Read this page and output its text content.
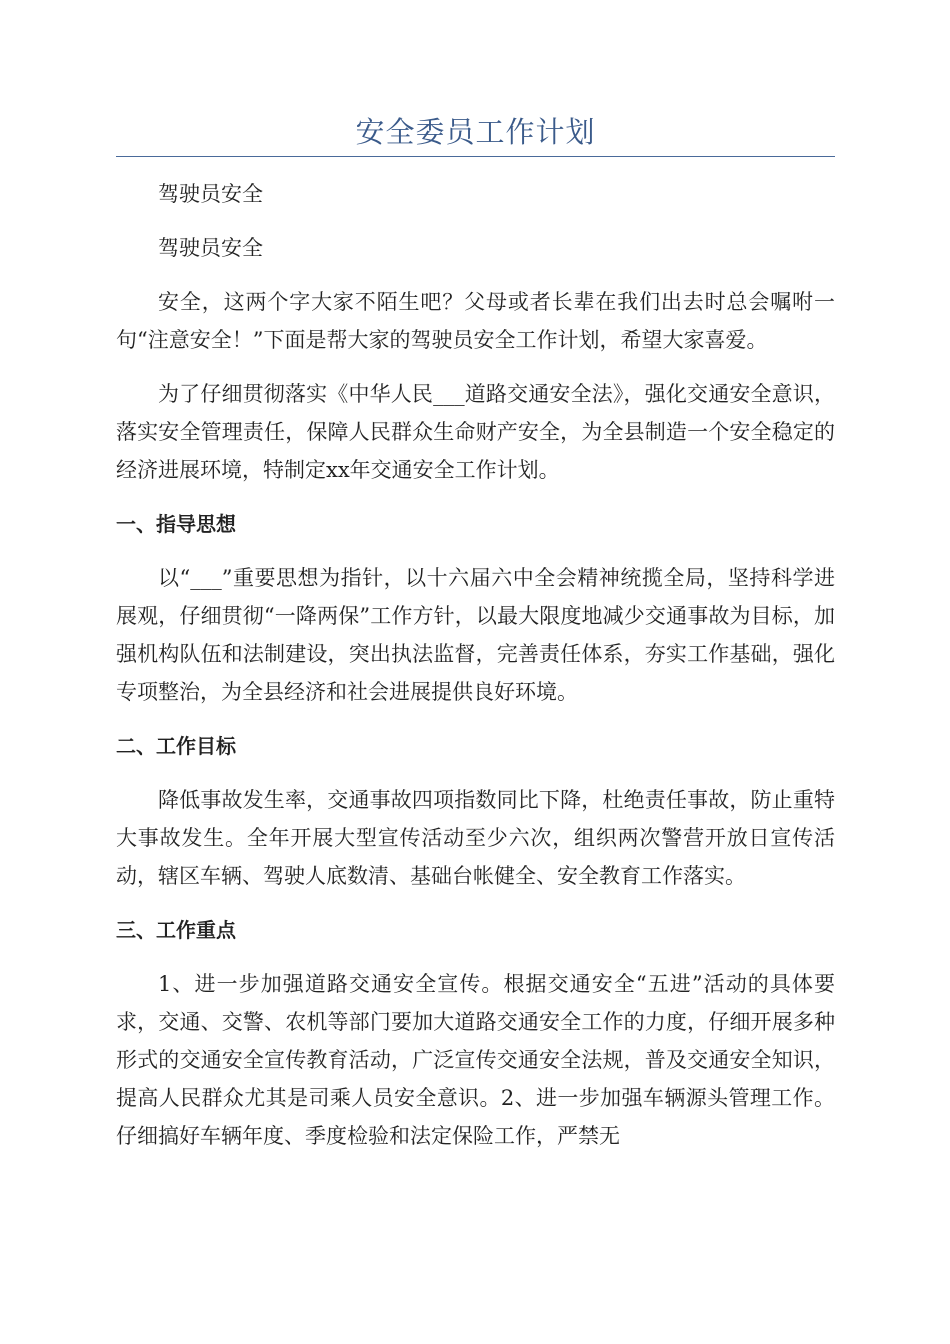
安全委员工作计划

驾驶员安全

驾驶员安全

安全，这两个字大家不陌生吧？父母或者长辈在我们出去时总会嘱咐一句“注意安全！”下面是帮大家的驾驶员安全工作计划，希望大家喜爱。

为了仔细贯彻落实《中华人民___道路交通安全法》，强化交通安全意识，落实安全管理责任，保障人民群众生命财产安全，为全县制造一个安全稳定的经济进展环境，特制定xx年交通安全工作计划。

一、指导思想

以“___”重要思想为指针，以十六届六中全会精神统揽全局，坚持科学进展观，仔细贯彻“一降两保”工作方针，以最大限度地减少交通事故为目标，加强机构队伍和法制建设，突出执法监督，完善责任体系，夯实工作基础，强化专项整治，为全县经济和社会进展提供良好环境。

二、工作目标

降低事故发生率，交通事故四项指数同比下降，杜绝责任事故，防止重特大事故发生。全年开展大型宣传活动至少六次，组织两次警营开放日宣传活动，辖区车辆、驾驶人底数清、基础台帐健全、安全教育工作落实。

三、工作重点

1、进一步加强道路交通安全宣传。根据交通安全“五进”活动的具体要求，交通、交警、农机等部门要加大道路交通安全工作的力度，仔细开展多种形式的交通安全宣传教育活动，广泛宣传交通安全法规，普及交通安全知识，提高人民群众尤其是司乘人员安全意识。2、进一步加强车辆源头管理工作。仔细搞好车辆年度、季度检验和法定保险工作，严禁无
